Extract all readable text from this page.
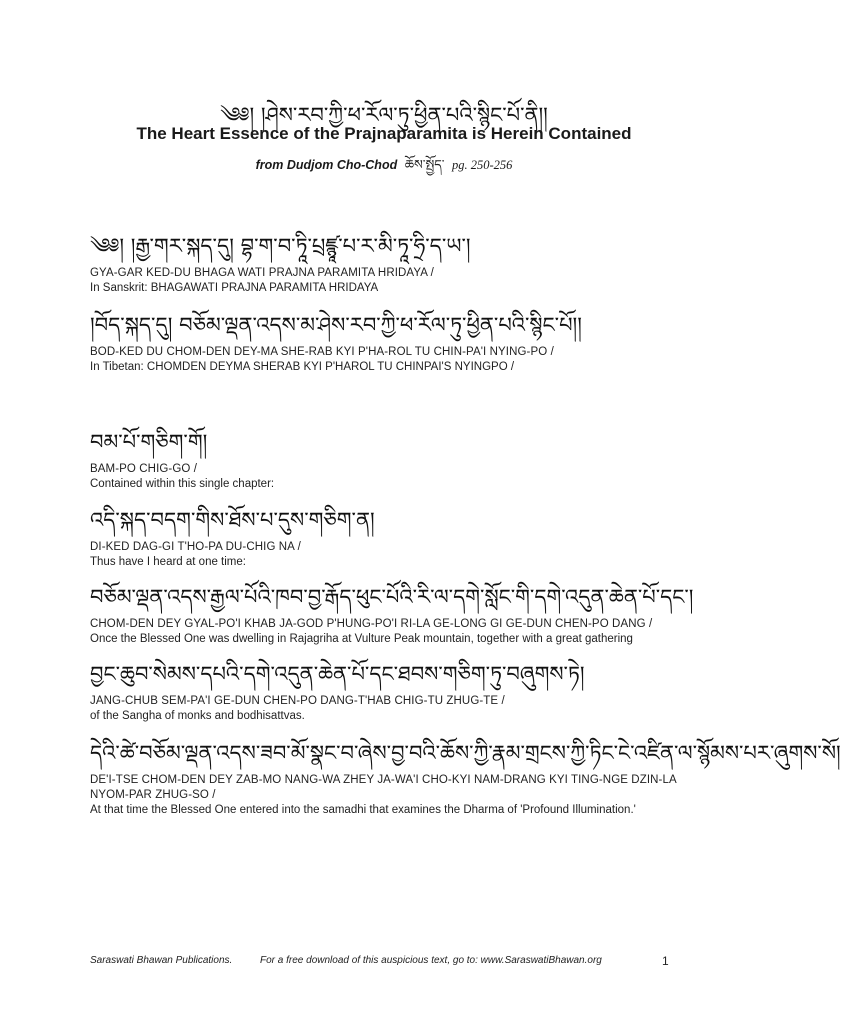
༄༅། །ཤེས་རབ་ཀྱི་ཕ་རོལ་ཏུ་ཕྱིན་པའི་སྙིང་པོ་ནི།།
The Heart Essence of the Prajnaparamita is Herein Contained
from Dudjom Cho-Chod ཆོས་སྤྱོད་ pg. 250-256
༄༅། །རྒྱ་གར་སྐད་དུ། བྷ་ག་བ་ཏཱི་པྲཛྙཱ་པ་ར་མི་ཏཱ་ཧྲི་ད་ཡ་།
GYA-GAR KED-DU BHAGA WATI PRAJNA PARAMITA HRIDAYA /
In Sanskrit: BHAGAWATI PRAJNA PARAMITA HRIDAYA
།བོད་སྐད་དུ། བཅོམ་ལྡན་འདས་མ་ཤེས་རབ་ཀྱི་ཕ་རོལ་ཏུ་ཕྱིན་པའི་སྙིང་པོ།།
BOD-KED DU CHOM-DEN DEY-MA SHE-RAB KYI P'HA-ROL TU CHIN-PA'I NYING-PO /
In Tibetan: CHOMDEN DEYMA SHERAB KYI P'HAROL TU CHINPAI'S NYINGPO /
བམ་པོ་གཅིག་གོ།
BAM-PO CHIG-GO /
Contained within this single chapter:
འདི་སྐད་བདག་གིས་ཐོས་པ་དུས་གཅིག་ན།
DI-KED DAG-GI T'HO-PA DU-CHIG NA /
Thus have I heard at one time:
བཅོམ་ལྡན་འདས་རྒྱལ་པོའི་ཁབ་བྱ་རྒོད་ཕུང་པོའི་རི་ལ་དགེ་སློང་གི་དགེ་འདུན་ཆེན་པོ་དང་།
CHOM-DEN DEY GYAL-PO'I KHAB JA-GOD P'HUNG-PO'I RI-LA GE-LONG GI GE-DUN CHEN-PO DANG /
Once the Blessed One was dwelling in Rajagriha at Vulture Peak mountain, together with a great gathering
བྱང་ཆུབ་སེམས་དཔའི་དགེ་འདུན་ཆེན་པོ་དང་ཐབས་གཅིག་ཏུ་བཞུགས་ཏེ།
JANG-CHUB SEM-PA'I GE-DUN CHEN-PO DANG-T'HAB CHIG-TU ZHUG-TE /
of the Sangha of monks and bodhisattvas.
དེའི་ཚེ་བཅོམ་ལྡན་འདས་ཟབ་མོ་སྣང་བ་ཞེས་བྱ་བའི་ཆོས་ཀྱི་རྣམ་གྲངས་ཀྱི་ཏིང་ངེ་འཛིན་ལ་སྙོམས་པར་ཞུགས་སོ།
DE'I-TSE CHOM-DEN DEY ZAB-MO NANG-WA ZHEY JA-WA'I CHO-KYI NAM-DRANG KYI TING-NGE DZIN-LA NYOM-PAR ZHUG-SO /
At that time the Blessed One entered into the samadhi that examines the Dharma of 'Profound Illumination.'
Saraswati Bhawan Publications.	For a free download of this auspicious text, go to: www.SaraswatiBhawan.org	1
